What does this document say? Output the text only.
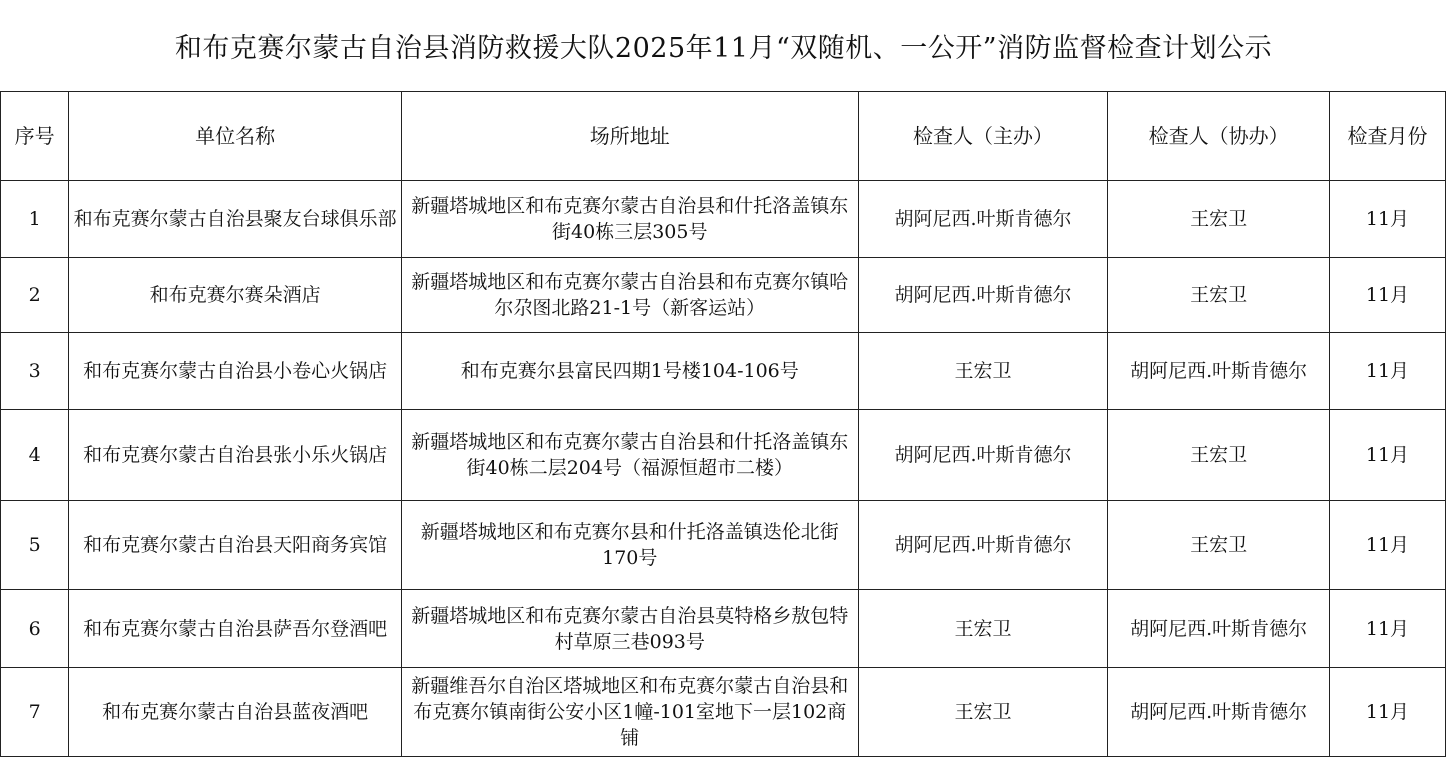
和布克赛尔蒙古自治县消防救援大队2025年11月“双随机、一公开”消防监督检查计划公示
序号	单位名称	场所地址	检查人（主办）	检查人（协办）	检查月份
1	和布克赛尔蒙古自治县聚友台球俱乐部	新疆塔城地区和布克赛尔蒙古自治县和什托洛盖镇东街40栋三层305号	胡阿尼西.叶斯肯德尔	王宏卫	11月
2	和布克赛尔赛朵酒店	新疆塔城地区和布克赛尔蒙古自治县和布克赛尔镇哈尔尕图北路21-1号（新客运站）	胡阿尼西.叶斯肯德尔	王宏卫	11月
3	和布克赛尔蒙古自治县小卷心火锅店	和布克赛尔县富民四期1号楼104-106号	王宏卫	胡阿尼西.叶斯肯德尔	11月
4	和布克赛尔蒙古自治县张小乐火锅店	新疆塔城地区和布克赛尔蒙古自治县和什托洛盖镇东街40栋二层204号（福源恒超市二楼）	胡阿尼西.叶斯肯德尔	王宏卫	11月
5	和布克赛尔蒙古自治县天阳商务宾馆	新疆塔城地区和布克赛尔县和什托洛盖镇迭伦北街170号	胡阿尼西.叶斯肯德尔	王宏卫	11月
6	和布克赛尔蒙古自治县萨吾尔登酒吧	新疆塔城地区和布克赛尔蒙古自治县莫特格乡敖包特村草原三巷093号	王宏卫	胡阿尼西.叶斯肯德尔	11月
7	和布克赛尔蒙古自治县蓝夜酒吧	新疆维吾尔自治区塔城地区和布克赛尔蒙古自治县和布克赛尔镇南街公安小区1幢-101室地下一层102商铺	王宏卫	胡阿尼西.叶斯肯德尔	11月
